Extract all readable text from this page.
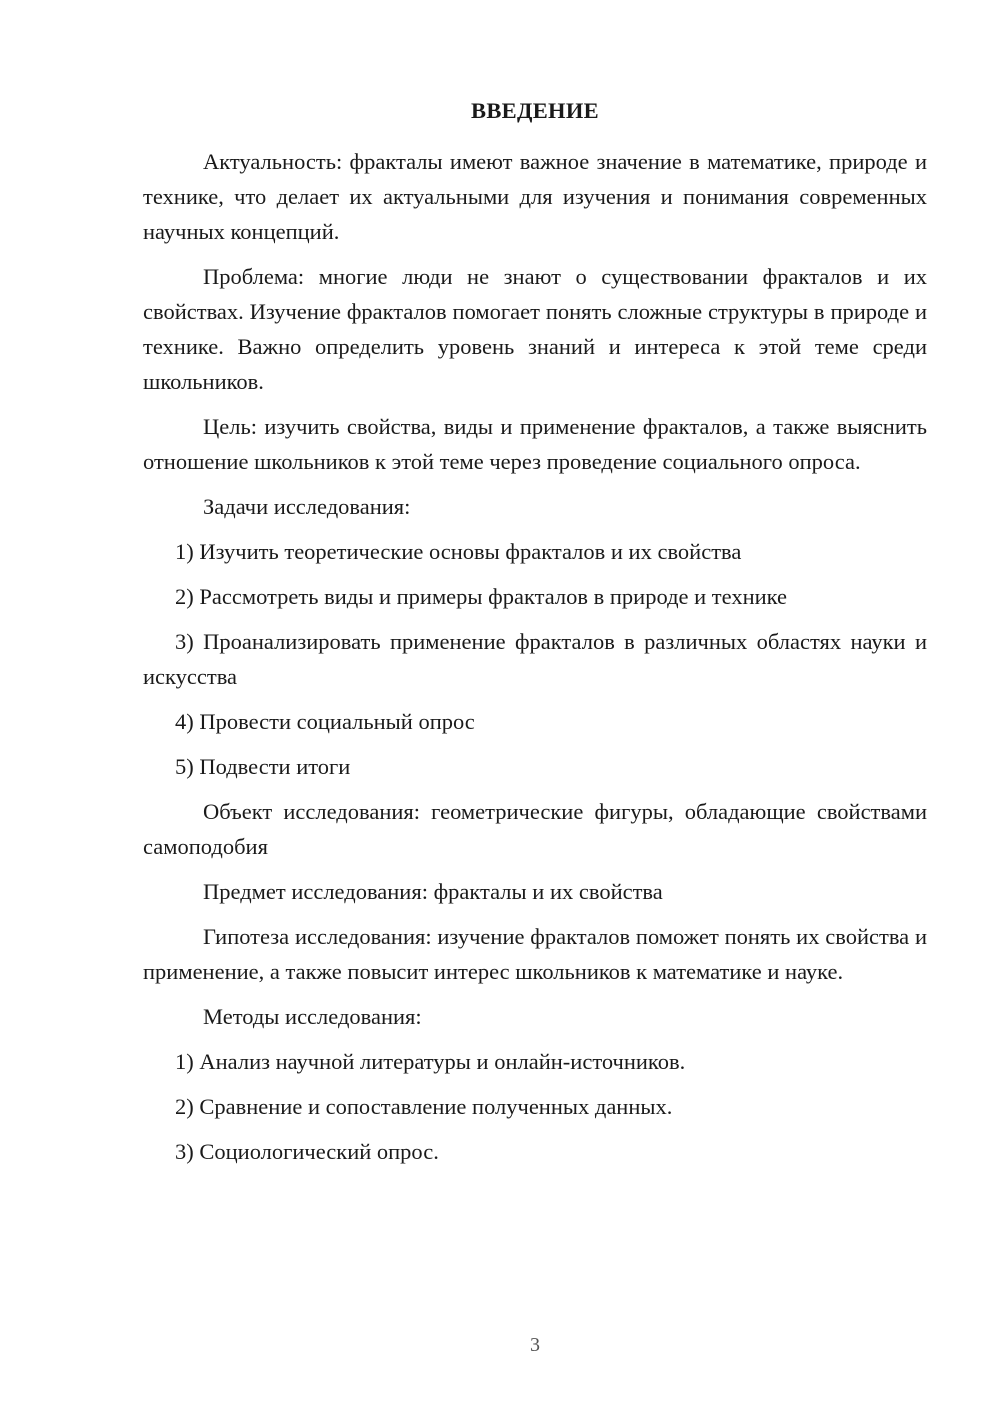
ВВЕДЕНИЕ

Актуальность: фракталы имеют важное значение в математике, природе и технике, что делает их актуальными для изучения и понимания современных научных концепций.

Проблема: многие люди не знают о существовании фракталов и их свойствах. Изучение фракталов помогает понять сложные структуры в природе и технике. Важно определить уровень знаний и интереса к этой теме среди школьников.

Цель: изучить свойства, виды и применение фракталов, а также выяснить отношение школьников к этой теме через проведение социального опроса.

Задачи исследования:

1) Изучить теоретические основы фракталов и их свойства

2) Рассмотреть виды и примеры фракталов в природе и технике

3) Проанализировать применение фракталов в различных областях науки и искусства

4) Провести социальный опрос

5) Подвести итоги

Объект исследования: геометрические фигуры, обладающие свойствами самоподобия

Предмет исследования: фракталы и их свойства

Гипотеза исследования: изучение фракталов поможет понять их свойства и применение, а также повысит интерес школьников к математике и науке.

Методы исследования:

1) Анализ научной литературы и онлайн-источников.

2) Сравнение и сопоставление полученных данных.

3) Социологический опрос.

3
